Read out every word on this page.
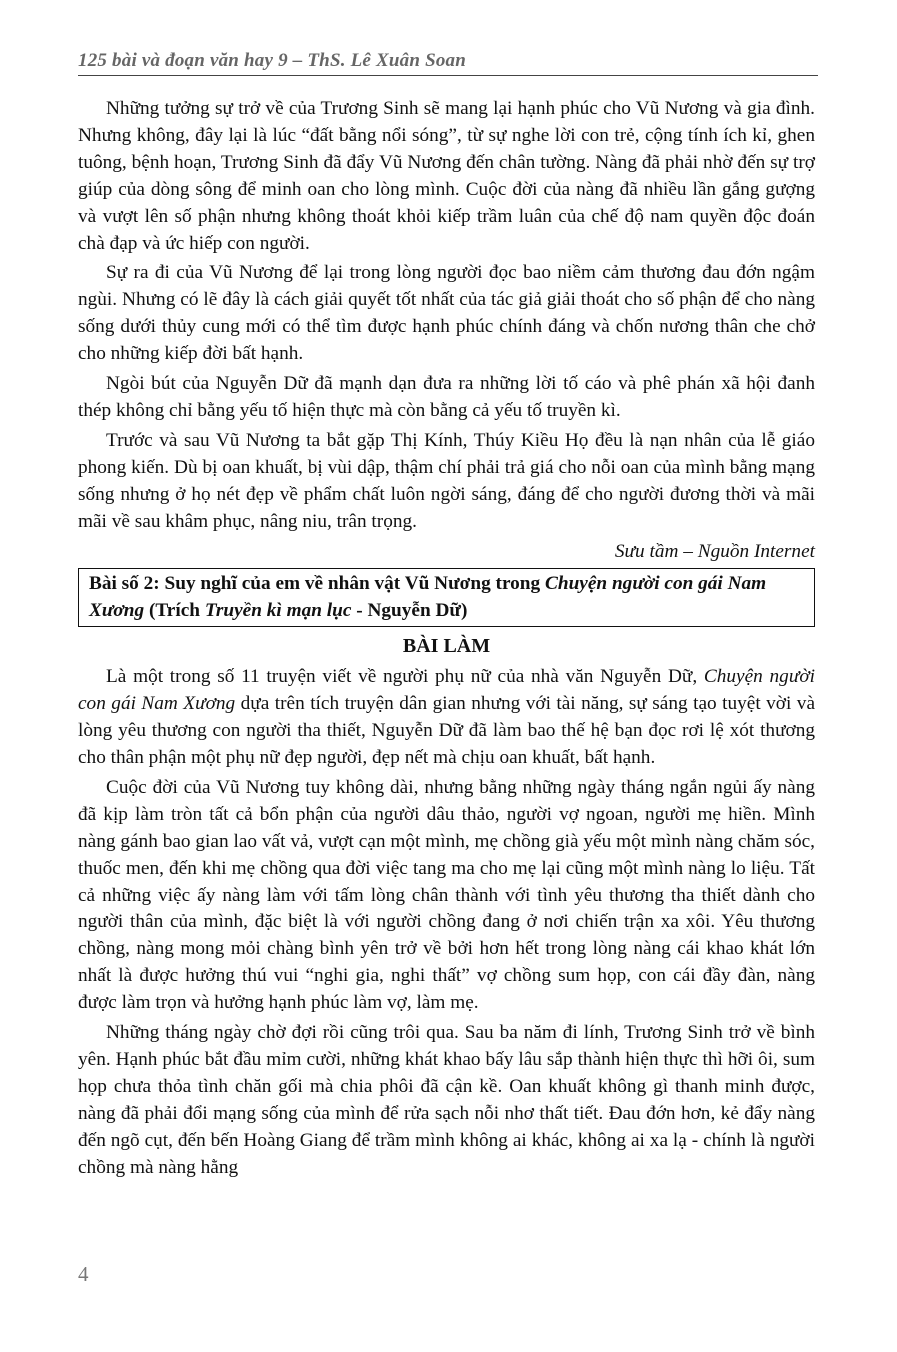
125 bài và đoạn văn hay 9 – ThS. Lê Xuân Soan

Những tưởng sự trở về của Trương Sinh sẽ mang lại hạnh phúc cho Vũ Nương và gia đình. Nhưng không, đây lại là lúc “đất bằng nổi sóng”, từ sự nghe lời con trẻ, cộng tính ích kỉ, ghen tuông, bệnh hoạn, Trương Sinh đã đẩy Vũ Nương đến chân tường. Nàng đã phải nhờ đến sự trợ giúp của dòng sông để minh oan cho lòng mình. Cuộc đời của nàng đã nhiều lần gắng gượng và vượt lên số phận nhưng không thoát khỏi kiếp trầm luân của chế độ nam quyền độc đoán chà đạp và ức hiếp con người.

Sự ra đi của Vũ Nương để lại trong lòng người đọc bao niềm cảm thương đau đớn ngậm ngùi. Nhưng có lẽ đây là cách giải quyết tốt nhất của tác giả giải thoát cho số phận để cho nàng sống dưới thủy cung mới có thể tìm được hạnh phúc chính đáng và chốn nương thân che chở cho những kiếp đời bất hạnh.

Ngòi bút của Nguyễn Dữ đã mạnh dạn đưa ra những lời tố cáo và phê phán xã hội đanh thép không chỉ bằng yếu tố hiện thực mà còn bằng cả yếu tố truyền kì.

Trước và sau Vũ Nương ta bắt gặp Thị Kính, Thúy Kiều Họ đều là nạn nhân của lễ giáo phong kiến. Dù bị oan khuất, bị vùi dập, thậm chí phải trả giá cho nỗi oan của mình bằng mạng sống nhưng ở họ nét đẹp về phẩm chất luôn ngời sáng, đáng để cho người đương thời và mãi mãi về sau khâm phục, nâng niu, trân trọng.

Sưu tầm – Nguồn Internet
Bài số 2: Suy nghĩ của em về nhân vật Vũ Nương trong Chuyện người con gái Nam Xương (Trích Truyền kì mạn lục - Nguyễn Dữ)
BÀI LÀM

Là một trong số 11 truyện viết về người phụ nữ của nhà văn Nguyễn Dữ, Chuyện người con gái Nam Xương dựa trên tích truyện dân gian nhưng với tài năng, sự sáng tạo tuyệt vời và lòng yêu thương con người tha thiết, Nguyễn Dữ đã làm bao thế hệ bạn đọc rơi lệ xót thương cho thân phận một phụ nữ đẹp người, đẹp nết mà chịu oan khuất, bất hạnh.

Cuộc đời của Vũ Nương tuy không dài, nhưng bằng những ngày tháng ngắn ngủi ấy nàng đã kịp làm tròn tất cả bổn phận của người dâu thảo, người vợ ngoan, người mẹ hiền. Mình nàng gánh bao gian lao vất vả, vượt cạn một mình, mẹ chồng già yếu một mình nàng chăm sóc, thuốc men, đến khi mẹ chồng qua đời việc tang ma cho mẹ lại cũng một mình nàng lo liệu. Tất cả những việc ấy nàng làm với tấm lòng chân thành với tình yêu thương tha thiết dành cho người thân của mình, đặc biệt là với người chồng đang ở nơi chiến trận xa xôi. Yêu thương chồng, nàng mong mỏi chàng bình yên trở về bởi hơn hết trong lòng nàng cái khao khát lớn nhất là được hưởng thú vui “nghi gia, nghi thất” vợ chồng sum họp, con cái đầy đàn, nàng được làm trọn và hưởng hạnh phúc làm vợ, làm mẹ.

Những tháng ngày chờ đợi rồi cũng trôi qua. Sau ba năm đi lính, Trương Sinh trở về bình yên. Hạnh phúc bắt đầu mỉm cười, những khát khao bấy lâu sắp thành hiện thực thì hỡi ôi, sum họp chưa thỏa tình chăn gối mà chia phôi đã cận kề. Oan khuất không gì thanh minh được, nàng đã phải đổi mạng sống của mình để rửa sạch nỗi nhơ thất tiết. Đau đớn hơn, kẻ đẩy nàng đến ngõ cụt, đến bến Hoàng Giang để trầm mình không ai khác, không ai xa lạ - chính là người chồng mà nàng hằng

4
